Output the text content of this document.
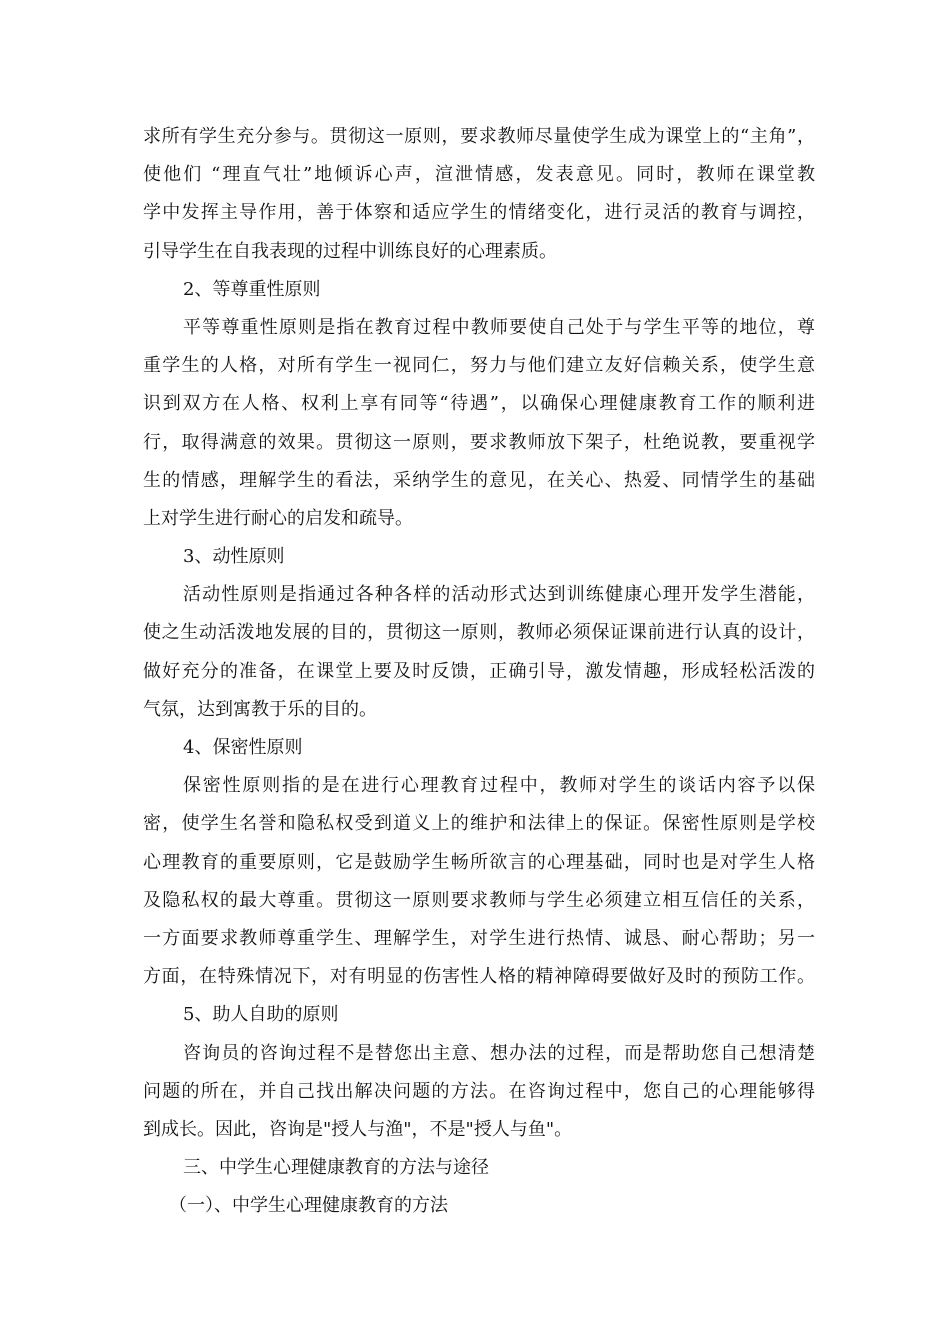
求所有学生充分参与。贯彻这一原则，要求教师尽量使学生成为课堂上的“主角”，
使他们 “理直气壮”地倾诉心声，渲泄情感，发表意见。同时，教师在课堂教
学中发挥主导作用，善于体察和适应学生的情绪变化，进行灵活的教育与调控，
引导学生在自我表现的过程中训练良好的心理素质。
2、等尊重性原则
平等尊重性原则是指在教育过程中教师要使自己处于与学生平等的地位，尊
重学生的人格，对所有学生一视同仁，努力与他们建立友好信赖关系，使学生意
识到双方在人格、权利上享有同等“待遇”，以确保心理健康教育工作的顺利进
行，取得满意的效果。贯彻这一原则，要求教师放下架子，杜绝说教，要重视学
生的情感，理解学生的看法，采纳学生的意见，在关心、热爱、同情学生的基础
上对学生进行耐心的启发和疏导。
3、动性原则
活动性原则是指通过各种各样的活动形式达到训练健康心理开发学生潜能，
使之生动活泼地发展的目的，贯彻这一原则，教师必须保证课前进行认真的设计，
做好充分的准备，在课堂上要及时反馈，正确引导，激发情趣，形成轻松活泼的
气氛，达到寓教于乐的目的。
4、保密性原则
保密性原则指的是在进行心理教育过程中，教师对学生的谈话内容予以保
密，使学生名誉和隐私权受到道义上的维护和法律上的保证。保密性原则是学校
心理教育的重要原则，它是鼓励学生畅所欲言的心理基础，同时也是对学生人格
及隐私权的最大尊重。贯彻这一原则要求教师与学生必须建立相互信任的关系，
一方面要求教师尊重学生、理解学生，对学生进行热情、诚恳、耐心帮助；另一
方面，在特殊情况下，对有明显的伤害性人格的精神障碍要做好及时的预防工作。
5、助人自助的原则
咨询员的咨询过程不是替您出主意、想办法的过程，而是帮助您自己想清楚
问题的所在，并自己找出解决问题的方法。在咨询过程中，您自己的心理能够得
到成长。因此，咨询是"授人与渔"，不是"授人与鱼"。
三、中学生心理健康教育的方法与途径
（一）、中学生心理健康教育的方法
